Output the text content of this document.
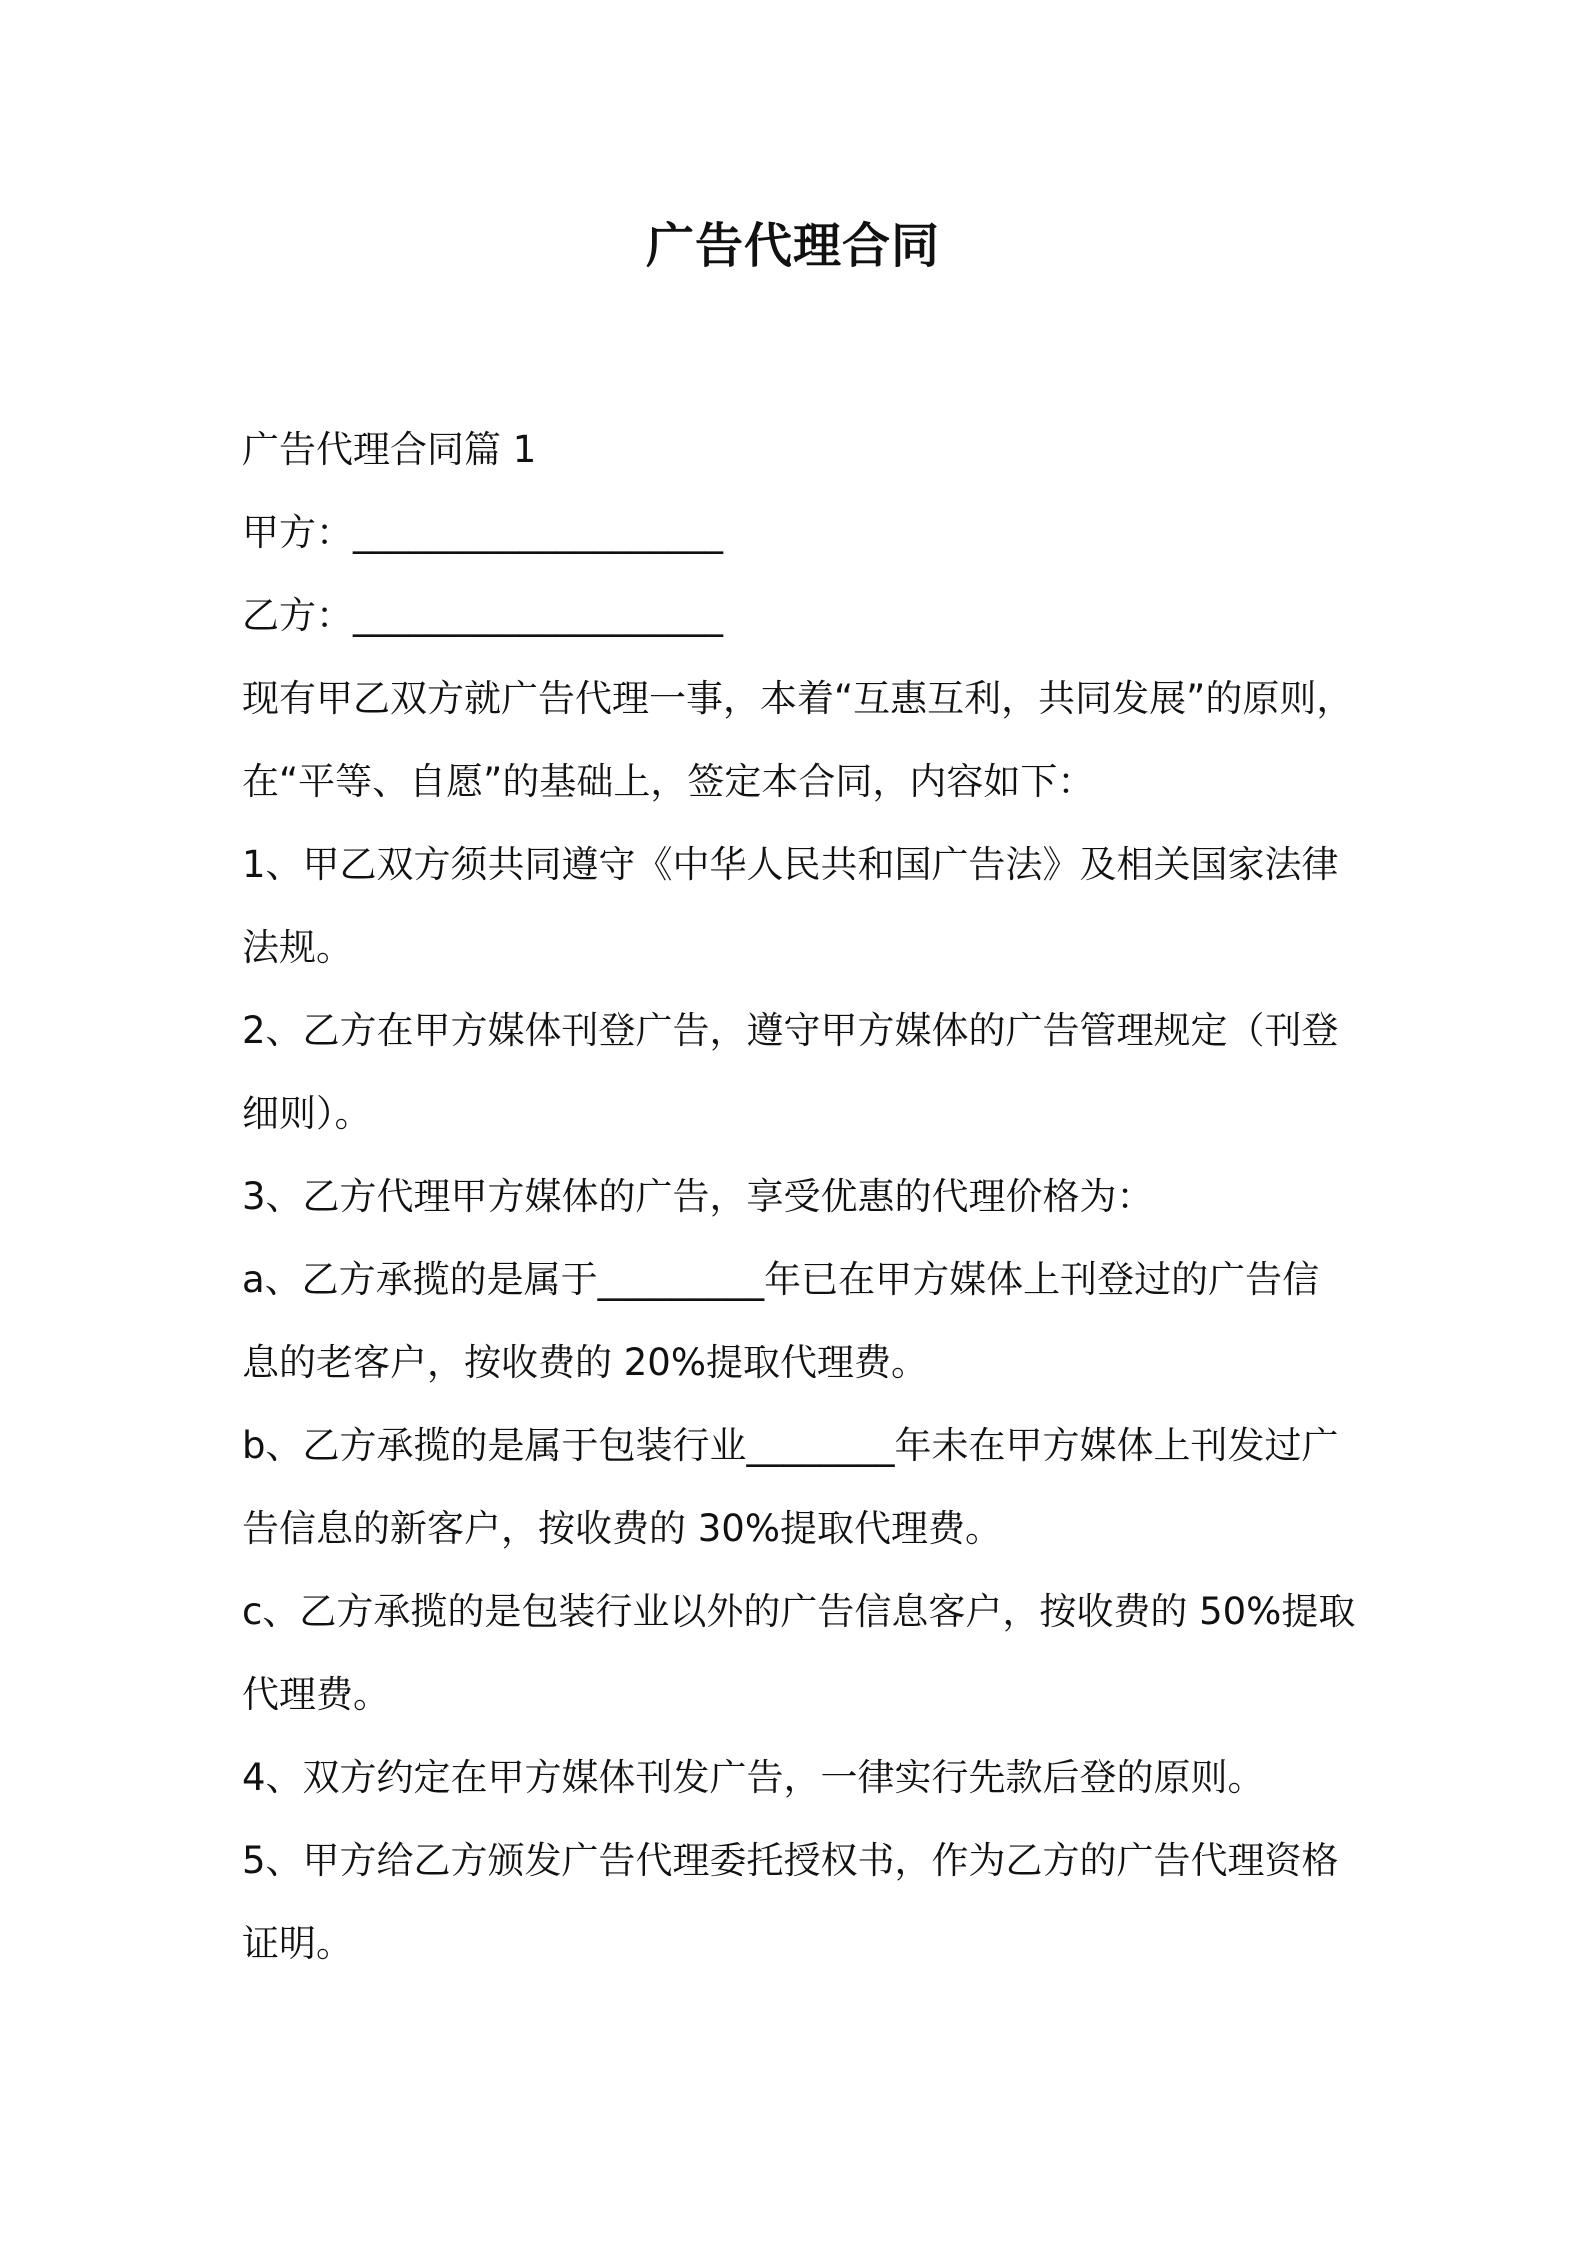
广告代理合同

广告代理合同篇 1

甲方：____________________

乙方：____________________

现有甲乙双方就广告代理一事，本着“互惠互利，共同发展”的原则，

在“平等、自愿”的基础上，签定本合同，内容如下：

1、甲乙双方须共同遵守《中华人民共和国广告法》及相关国家法律

法规。

2、乙方在甲方媒体刊登广告，遵守甲方媒体的广告管理规定（刊登

细则）。

3、乙方代理甲方媒体的广告，享受优惠的代理价格为：

a、乙方承揽的是属于_________年已在甲方媒体上刊登过的广告信

息的老客户，按收费的 20%提取代理费。

b、乙方承揽的是属于包装行业________年未在甲方媒体上刊发过广

告信息的新客户，按收费的 30%提取代理费。

c、乙方承揽的是包装行业以外的广告信息客户，按收费的 50%提取

代理费。

4、双方约定在甲方媒体刊发广告，一律实行先款后登的原则。

5、甲方给乙方颁发广告代理委托授权书，作为乙方的广告代理资格

证明。
